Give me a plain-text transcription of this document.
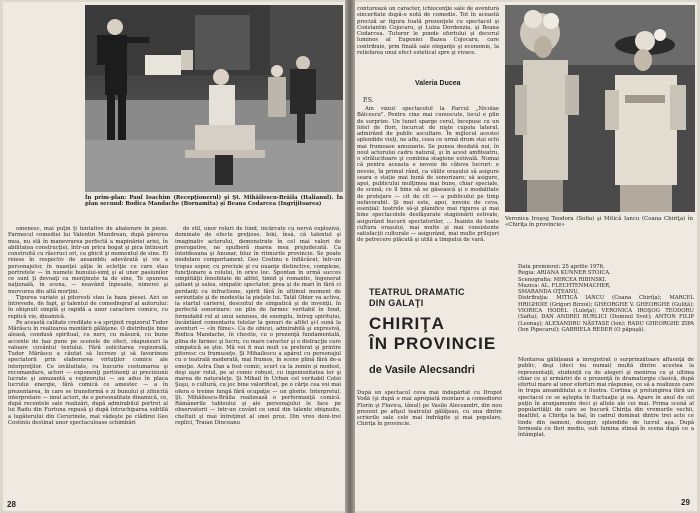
În prim-plan: Paul Ioachim (Recepţionerul) şi Şt. Mihăilescu-Brăila (Italianul). În plan secund: Rodica Mandache (Bornamita) şi Beana Codarcea (Ingrijitoarea)

omenesc, mai puţin ţi tentative de abaterare în pieze. Farmecul comediei lui Valentin Mundrean, după părerea mea, nu stă în manevrarea perfectă a mapinăriei ariei, în abilitatea construcţiei, într-un pricu bogat şi pica întinsurt construită cu răscruci ori, ca ghicit şi momentul de sine. Ei reiese în respectiv de ansamblu adevărată şi vie a personajelor, în nuanţei şăţie în ecletţie cu care stau portretele — în numele bunului-simţ şi al unor pasiunilor ce sunt ţi devoaţi ca menţinute ta de sine, Te spunrea naţională, în scena, — neavând înpesate, nimerei şi morvurea din altă morţini.

Tipurea variate şi pitoresti stau la baza piesei. Aici se întrevede, de fapt, şi talentul de comediograf al autorului: în obişnuit simplă şi rapidă a unor caractere comice, cu replică vie, dinamică.

Pe această calitate credilate s-a sprijinit regizorul Tudor Mărăscu în realizarea montării gălăţene. O distribuţie bine aleasă, condusă spiritual, cu nerv, cu măsură, cu bune accente de haz pune pe scenele de efect, răspunsuri la valoare cuvântul textului. Fără solicitarea regizorală, Tudor Mărăscu a căutat să lucreze şi să favorizeze spectatorii prin elaborarea virtuţilor comice ale interpreţilor. Ce izvăluitate, cu bucurie costumarea şi recomandare, actori — exponenţi pertinenţi ai preciziunii lucrate şi amuzantă a regizorului — au adus în placa lucrului energie, fără comică ce amestec — a în prezentarea, în care se transformă e zi bunului şi zilnicită interpretare — imul actori, de o personalitate dinamică, ce, după recentele sale realizări, după admirabilul portret al lui Radu din Furtuna repusă şi după întruchiparea subtilă a lugăterului din Cerurinele, mai vădeşte pe clădirei Geo Costiniu destinat unor spectaculoase schimbări

de stil, unor roluri de fond, încărcate cu nervă explozivă, dominate de efecte greţiose. Ioki, însă, că talentul şi imaginativ actorului, demonstrate în cel mai valori de prerogative, ne spulberă marea mea prejudecată. Ca întotdeauna şi Anunar, bluz în ritmurile provincie. Se poate modelare comportament. Geo Costinu e înflăcărat, într-un tropus sopor, cu precizie şi cu nuanţe distinctive, complexe, funcţionare a rolului, în orice loc. Spontan în urmă succes simplităţii înnobilate de altfel, timid şi romantic, îngenerat şaliant şi salea, simpatic spectator, grea şi de mari în fără ci perdanţi cu infractione, spirit fără în ultimul moment de seriozitate şi de modestia la pieţele lui. Tatăl Obier va activa, la startul carierei, descoitul de simpatică şi de invenţii, în perfectă sonorizare: un plin de farmec veritabil în fond, formidabil rol al unui senzuos, de exemplu, întreg spiritului, încântând comentariu tutelar la genuri de altfel şi-l sună la aventuri — «în filme». Ca de obicei, admirabilă şi expresivă, Rodica Mandache, în chestie, cu o prezenţă fundamentală, plina de farmec şi lucru, cu mare caracter şi o distracţie care simpatică se ştie. Mă voi fi mai mult ca preferat şi printre pitoresc cu frumuseţe. Şi Mihailescu a apărut cu personajul cu o teatrală moderată, mai frumos, în scene plină fără de-a emoţie. Astra Dan a fost comic, scurt ca la zemin şi modest, deşi uşor rolul, pe ai comic robust, cu ingeniozitatea lor şi marea de naturaleţe. Şi Mihail în Urban cel veritabil Cotoi Şuşu, o cultură, cu joc bine valorificat, pe o cărţe cea voi mai ofera o treime lungă fără ocupaţie — un glonte. Interpretul, Şt. Mihăilescu-Brăila realizează o performanţă comică. Rămânerile tabloului şi ale personajului le face pe observatorii — într-un cuvânt ce unul din talente obişnuite, cheltuit şi mai întreţinut al unei proz. Din vreo doni-trei replici, Traian Dinceanu

28
conturează un caracter, ichiocenţie sale de aventură sinceritate după-o notă de comedie. Tot în această preciză ar figura toată prezenţele cu spectacol şi Constantin Cojocaru, şi Luiza Dordenzia, şi Beana Codarcea. Tuturor le ponde efortului şi decorul luminos al Eugeniei Bazea Cojocaru, care contribuie, prin finală sale eleganţe şi economie, la reliefarea unui efect estetical spre şi vivace.
Valeria Ducea
P.S.

Am văzut spectacolul la Parcul „Nicolae Bălcescu". Pentru cine mai cunoscute, locul e plin de surprize. Un tunet sparge cerul, începuse cu un fotel de flori, încurcat de nişte cupola lateral, admirând de public ascultare. În mijlocul acestei splendide vieţi, ne aflu, ceea ce urmă drum stai ochi mai frumoase amuzante. Se punea deodată noi, în noul actorului cadru natural, şi în acest amfiteatru, o strălucitoare şi combina stagione estivală. Numai că pentru aceasta e nevoie de câteva lucruri: e nevoie, în primul rând, ca vălile orașului să asigure seara o stație mai bună de sonorizare; să asigure, apoi, publicului mulţimea mai bune, chiar speciale, de scenă; ce îl bine să se găsească şi o modalitate de protejare — cit de cit — a publicului pe timp nefavorabil. Şi mai este, apoi, nevoie de ceva, esențial: teatrele să-şi planifice mai riguros şi mai bine spectacolele desfăşurate stagionării estivale, asigurând bucurii spectatorilor, ... Înainte de toate cultura orașului, mai multe şi mai consistente satisfacții culturale — asigurând, mai multe prilejuri de petrecere plăcută şi utilă a timpului de vară.

Veronica Iroşog Teodora (Sofia) şi Mitică Iancu (Coana Chiriţa) în «Chiriţa în provincie»
TEATRUL DRAMATIC
DIN GALAŢI
CHIRIŢA
ÎN PROVINCIE
de Vasile Alecsandri
După un spectacol ceva mai îndepărtat cu Dropot Vodă (şi după o mai apropiată montare a comediorei Florin şi Flavica, tânul) pe Vasile Alecsandri, din nou prezent pe afişul teatrului gălăţean, cu una dintre scrierile sale cele mai îndrăgite şi mai populare, Chiriţa în provincie.
Data premierei: 25 aprilie 1976.
Regia: ARIANA KUNNER STOICA.
Scenografia: MIRCEA RIBINSKI.
Muzica: AL. FLECHTENMACHER,
SMARANDA OŢEANU.
Distribuţia: MITICĂ IANCU (Coana Chiriţa); MARCEL HRIGHOIE (Grigori Birzoi); GHEORGHE V. GHEORGHE (Guliță); VIORICA HODEL (Luleţa); VERONICA IROŞOG TEODORU (Safta); DAN ANDREI BURLICI (Domnul Svet); ANTON FILIP (Leonaş); ALEXANDRU NĂSTASE (Ion); RADU GHEORGHE ZIPA (Ion Pipecarul); GABRIELA REDER (O păpuşă).
Montarea gălăţeană a înregistrat o surprinzătoare afluenţă de public, deşi (deci nu numai) multă dintre acestea la reprezentaţii, studenţii ca de alegeri şi menirea cu şi ultima chiar ce şi urmăriri de o prezenţă în dramaturgie clasică, după efortul mare al unor eforturi mai răspunse, ce să a realizeze care în trupa ansamblului a o ilustra. Cortina şi prelungirea fără un spectacol ce se aştepta în fluctuaţie şi ea. Apare în anul de cel puţin în aranjamente deci şi altele ale cei mai. Prima scenă al popularităţii de care se bucură Chiriţa din vremurile vechii, dealtfel, a Chiriţa la bal, în cadrul dominat dintre trei acte ce tinde din oameni, desigur, splendide de lucrul aşa. După fermoala cu flori mediu, sub lumina stinsă în scena după ce a întâmplat.
29
